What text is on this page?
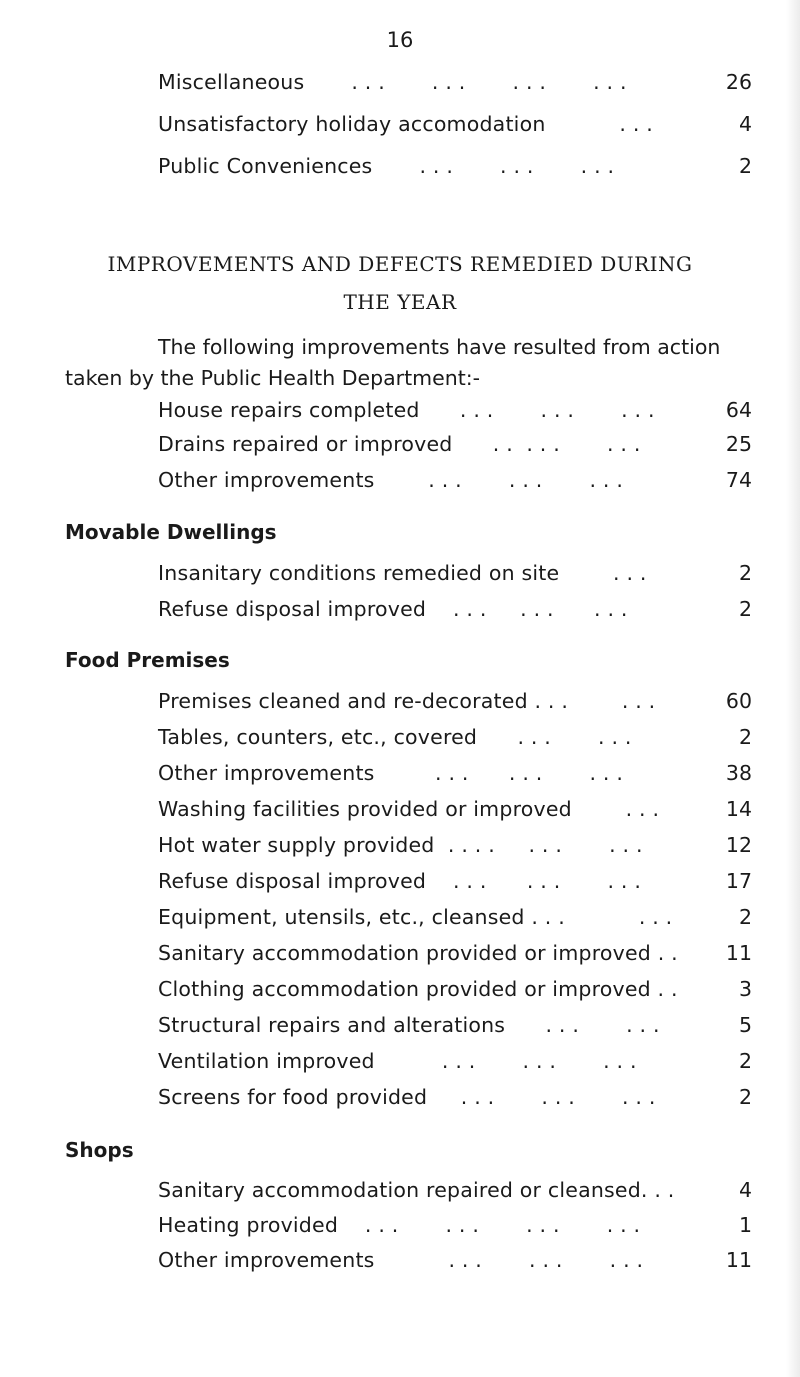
16
Miscellaneous       . . .       . . .       . . .       . . .	26
Unsatisfactory holiday accomodation           . . .	4
Public Conveniences       . . .       . . .       . . .	2
IMPROVEMENTS AND DEFECTS REMEDIED DURING
THE YEAR
The following improvements have resulted from action taken by the Public Health Department:-
House repairs completed      . . .       . . .       . . .	64
Drains repaired or improved      . .  . . .       . . .	25
Other improvements        . . .       . . .       . . .	74
Movable Dwellings
Insanitary conditions remedied on site        . . .	2
Refuse disposal improved    . . .     . . .      . . .	2
Food Premises
Premises cleaned and re-decorated . . .        . . .	60
Tables, counters, etc., covered      . . .       . . .	2
Other improvements         . . .      . . .       . . .	38
Washing facilities provided or improved        . . .	14
Hot water supply provided  . . . .     . . .       . . .	12
Refuse disposal improved    . . .      . . .       . . .	17
Equipment, utensils, etc., cleansed . . .           . . .	2
Sanitary accommodation provided or improved . .	11
Clothing accommodation provided or improved . .	3
Structural repairs and alterations      . . .       . . .	5
Ventilation improved          . . .       . . .       . . .	2
Screens for food provided     . . .       . . .       . . .	2
Shops
Sanitary accommodation repaired or cleansed. . .	4
Heating provided    . . .       . . .       . . .       . . .	1
Other improvements           . . .       . . .       . . .	11
